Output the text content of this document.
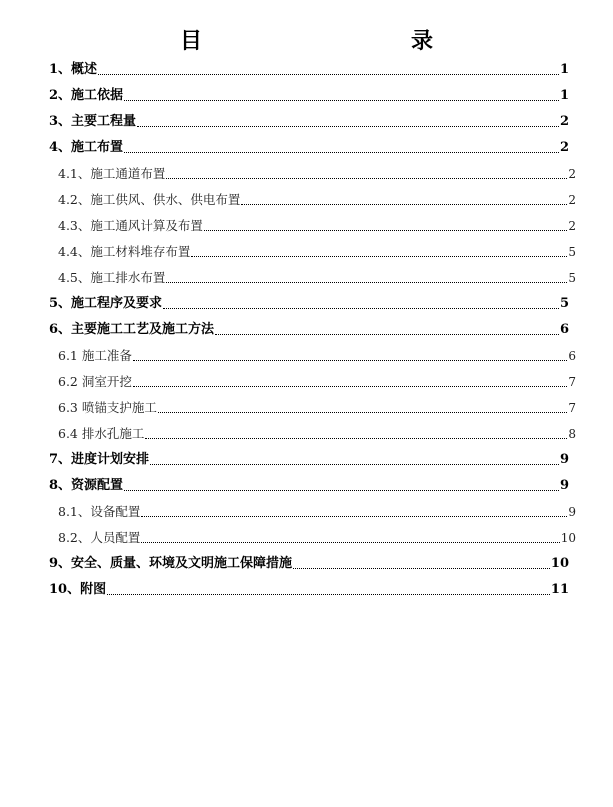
目　　录
1、概述	1
2、施工依据	1
3、主要工程量	2
4、施工布置	2
4.1、施工通道布置	2
4.2、施工供风、供水、供电布置	2
4.3、施工通风计算及布置	2
4.4、施工材料堆存布置	5
4.5、施工排水布置	5
5、施工程序及要求	5
6、主要施工工艺及施工方法	6
6.1 施工准备	6
6.2 洞室开挖	7
6.3 喷锚支护施工	7
6.4 排水孔施工	8
7、进度计划安排	9
8、资源配置	9
8.1、设备配置	9
8.2、人员配置	10
9、安全、质量、环境及文明施工保障措施	10
10、附图	11
